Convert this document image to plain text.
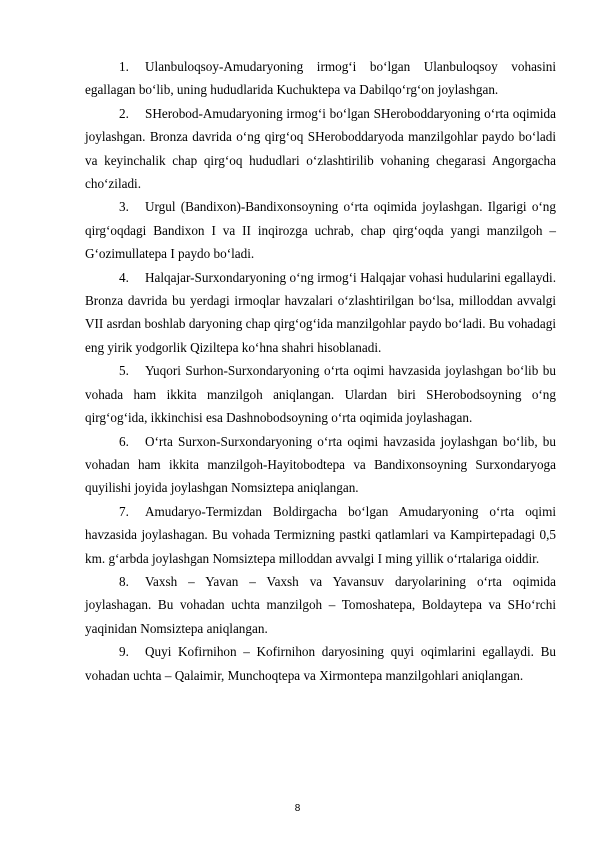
1. Ulanbuloqsoy-Amudaryoning irmog‘i bo‘lgan Ulanbuloqsoy vohasini egallagan bo‘lib, uning hududlarida Kuchuktepa va Dabilqo‘rg‘on joylashgan.

2. SHerobod-Amudaryoning irmog‘i bo‘lgan SHeroboddaryoning o‘rta oqimida joylashgan. Bronza davrida o‘ng qirg‘oq SHeroboddaryoda manzilgohlar paydo bo‘ladi va keyinchalik chap qirg‘oq hududlari o‘zlashtirilib vohaning chegarasi Angorgacha cho‘ziladi.

3. Urgul (Bandixon)-Bandixonsoyning o‘rta oqimida joylashgan. Ilgarigi o‘ng qirg‘oqdagi Bandixon I va II inqirozga uchrab, chap qirg‘oqda yangi manzilgoh – G‘ozimullatepa I paydo bo‘ladi.

4. Halqajar-Surxondaryoning o‘ng irmog‘i Halqajar vohasi hudularini egallaydi. Bronza davrida bu yerdagi irmoqlar havzalari o‘zlashtirilgan bo‘lsa, milloddan avvalgi VII asrdan boshlab daryoning chap qirg‘og‘ida manzilgohlar paydo bo‘ladi. Bu vohadagi eng yirik yodgorlik Qiziltepa ko‘hna shahri hisoblanadi.

5. Yuqori Surhon-Surxondaryoning o‘rta oqimi havzasida joylashgan bo‘lib bu vohada ham ikkita manzilgoh aniqlangan. Ulardan biri SHerobodsoyning o‘ng qirg‘og‘ida, ikkinchisi esa Dashnobodsoyning o‘rta oqimida joylashagan.

6. O‘rta Surxon-Surxondaryoning o‘rta oqimi havzasida joylashgan bo‘lib, bu vohadan ham ikkita manzilgoh-Hayitobodtepa va Bandixonsoyning Surxondaryoga quyilishi joyida joylashgan Nomsiztepa aniqlangan.

7. Amudaryo-Termizdan Boldirgacha bo‘lgan Amudaryoning o‘rta oqimi havzasida joylashagan. Bu vohada Termizning pastki qatlamlari va Kampirtepadagi 0,5 km. g‘arbda joylashgan Nomsiztepa milloddan avvalgi I ming yillik o‘rtalariga oiddir.

8. Vaxsh – Yavan – Vaxsh va Yavansuv daryolarining o‘rta oqimida joylashagan. Bu vohadan uchta manzilgoh – Tomoshatepa, Boldaytepa va SHo‘rchi yaqinidan Nomsiztepa aniqlangan.

9. Quyi Kofirnihon – Kofirnihon daryosining quyi oqimlarini egallaydi. Bu vohadan uchta – Qalaimir, Munchoqtepa va Xirmontepa manzilgohlari aniqlangan.

8
